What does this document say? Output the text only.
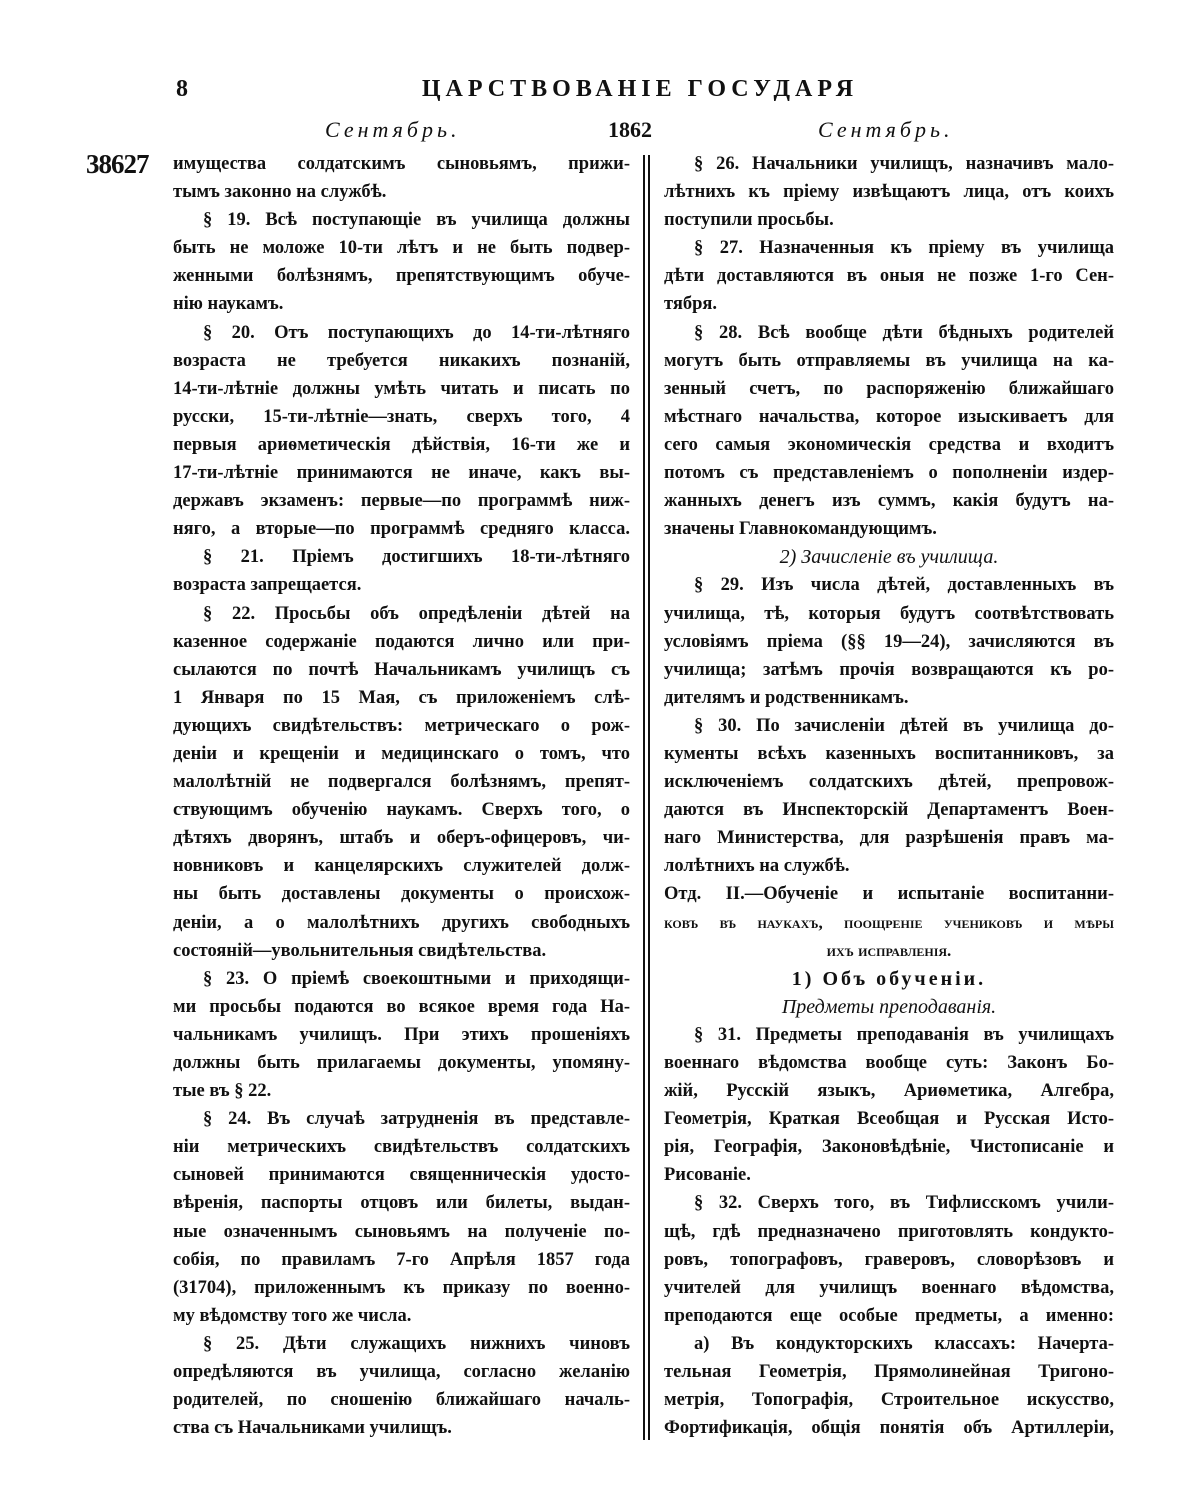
8	ЦАРСТВОВАНІЕ ГОСУДАРЯ
Сентябрь.	1862	Сентябрь.
38627 имущества солдатскимъ сыновьямъ, прижи-
тымъ законно на службѣ.
§ 19. Всѣ поступающіе въ училища должны
быть не моложе 10-ти лѣтъ и не быть подвер-
женными болѣзнямъ, препятствующимъ обуче-
нію наукамъ.
§ 20. Отъ поступающихъ до 14-ти-лѣтняго
возраста не требуется никакихъ познаній,
14-ти-лѣтніе должны умѣть читать и писать по
русски, 15-ти-лѣтніе—знать, сверхъ того, 4
первыя ариѳметическія дѣйствія, 16-ти же и
17-ти-лѣтніе принимаются не иначе, какъ вы-
державъ экзаменъ: первые—по программѣ ниж-
няго, а вторые—по программѣ средняго класса.
§ 21. Пріемъ достигшихъ 18-ти-лѣтняго
возраста запрещается.
§ 22. Просьбы объ опредѣленіи дѣтей на
казенное содержаніе подаются лично или при-
сылаются по почтѣ Начальникамъ училищъ съ
1 Января по 15 Мая, съ приложеніемъ слѣ-
дующихъ свидѣтельствъ: метрическаго о рож-
деніи и крещеніи и медицинскаго о томъ, что
малолѣтній не подвергался болѣзнямъ, препят-
ствующимъ обученію наукамъ. Сверхъ того, о
дѣтяхъ дворянъ, штабъ и оберъ-офицеровъ, чи-
новниковъ и канцелярскихъ служителей долж-
ны быть доставлены документы о происхож-
деніи, а о малолѣтнихъ другихъ свободныхъ
состояній—увольнительныя свидѣтельства.
§ 23. О пріемѣ своекоштными и приходящи-
ми просьбы подаются во всякое время года На-
чальникамъ училищъ. При этихъ прошеніяхъ
должны быть прилагаемы документы, упомяну-
тые въ § 22.
§ 24. Въ случаѣ затрудненія въ представле-
ніи метрическихъ свидѣтельствъ солдатскихъ
сыновей принимаются священническія удосто-
вѣренія, паспорты отцовъ или билеты, выдан-
ные означеннымъ сыновьямъ на полученіе по-
собія, по правиламъ 7-го Апрѣля 1857 года
(31704), приложеннымъ къ приказу по военно-
му вѣдомству того же числа.
§ 25. Дѣти служащихъ нижнихъ чиновъ
опредѣляются въ училища, согласно желанію
родителей, по сношенію ближайшаго началь-
ства съ Начальниками училищъ.
§ 26. Начальники училищъ, назначивъ мало-
лѣтнихъ къ пріему извѣщаютъ лица, отъ коихъ
поступили просьбы.
§ 27. Назначенныя къ пріему въ училища
дѣти доставляются въ оныя не позже 1-го Сен-
тября.
§ 28. Всѣ вообще дѣти бѣдныхъ родителей
могутъ быть отправляемы въ училища на ка-
зенный счетъ, по распоряженію ближайшаго
мѣстнаго начальства, которое изыскиваетъ для
сего самыя экономическія средства и входитъ
потомъ съ представленіемъ о пополненіи издер-
жанныхъ денегъ изъ суммъ, какія будутъ на-
значены Главнокомандующимъ.
2) Зачисленіе въ училища.
§ 29. Изъ числа дѣтей, доставленныхъ въ
училища, тѣ, которыя будутъ соотвѣтствовать
условіямъ пріема (§§ 19—24), зачисляются въ
училища; затѣмъ прочія возвращаются къ ро-
дителямъ и родственникамъ.
§ 30. По зачисленіи дѣтей въ училища до-
кументы всѣхъ казенныхъ воспитанниковъ, за
исключеніемъ солдатскихъ дѣтей, препровож-
даются въ Инспекторскій Департаментъ Воен-
наго Министерства, для разрѣшенія правъ ма-
лолѣтнихъ на службѣ.
Отд. II.—Обученіе и испытаніе воспитанни-
ковъ въ наукахъ, поощреніе учениковъ и мѣры
ихъ исправленія.
1) Объ обученіи.
Предметы преподаванія.
§ 31. Предметы преподаванія въ училищахъ
военнаго вѣдомства вообще суть: Законъ Бо-
жій, Русскій языкъ, Ариѳметика, Алгебра,
Геометрія, Краткая Всеобщая и Русская Исто-
рія, Географія, Законовѣдѣніе, Чистописаніе и
Рисованіе.
§ 32. Сверхъ того, въ Тифлисскомъ учили-
щѣ, гдѣ предназначено приготовлять кондукто-
ровъ, топографовъ, граверовъ, словорѣзовъ и
учителей для училищъ военнаго вѣдомства,
преподаются еще особые предметы, а именно:
а) Въ кондукторскихъ классахъ: Начерта-
тельная Геометрія, Прямолинейная Тригоно-
метрія, Топографія, Строительное искусство,
Фортификація, общія понятія объ Артиллеріи,
